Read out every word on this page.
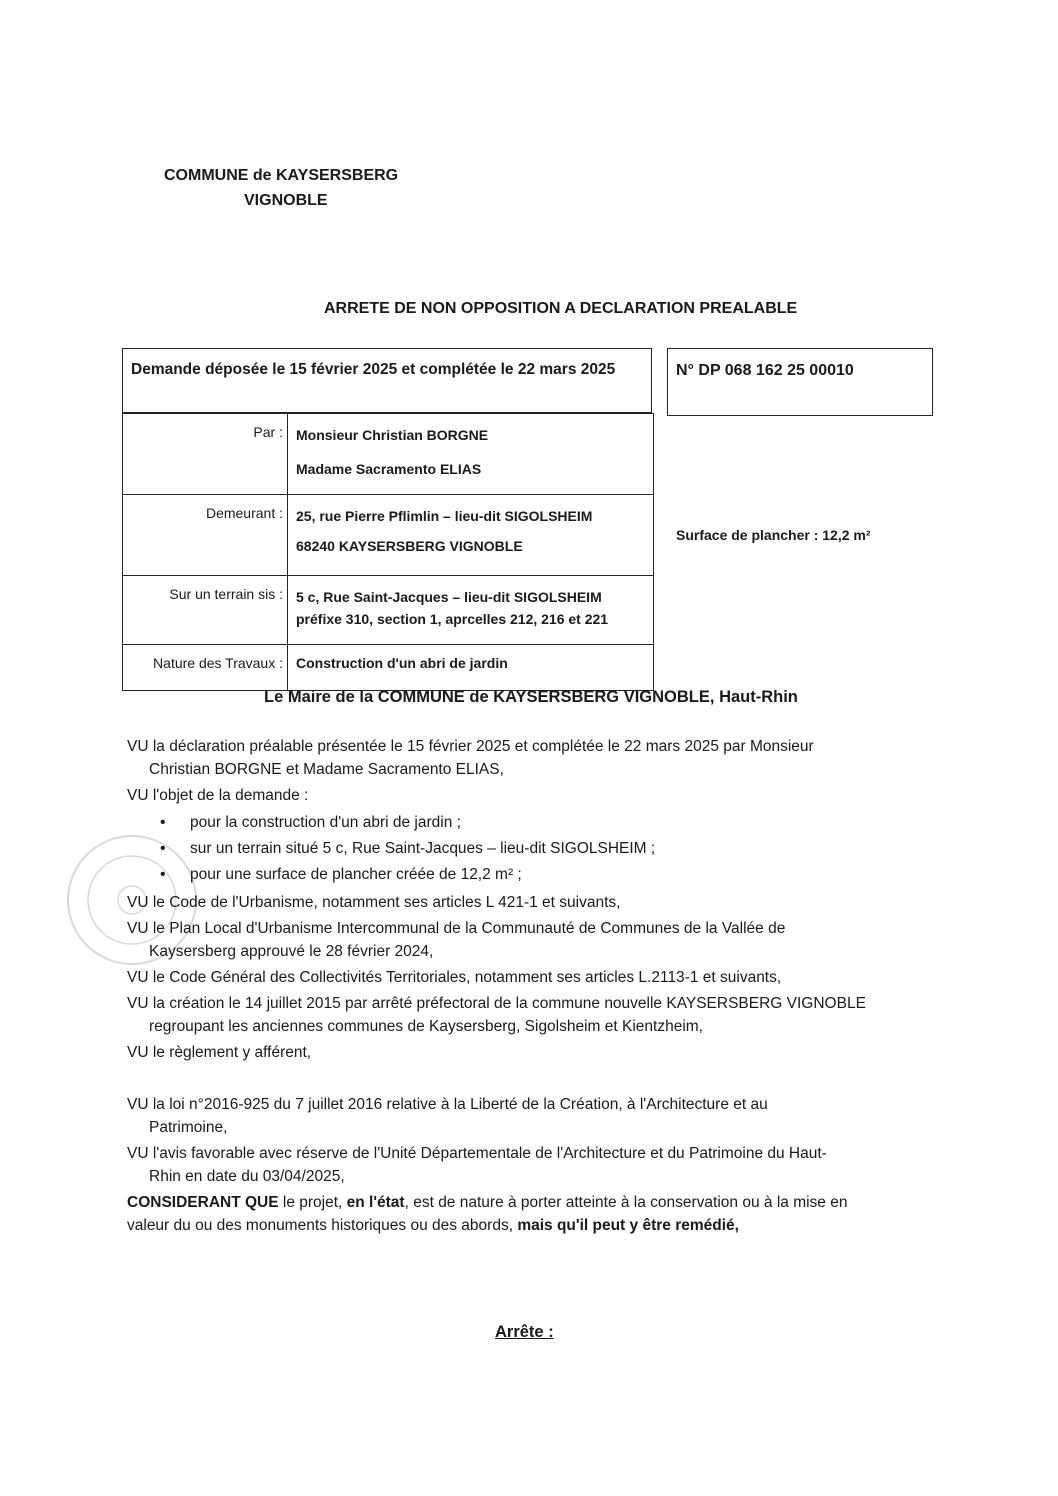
COMMUNE de KAYSERSBERG
VIGNOBLE
ARRETE DE NON OPPOSITION A DECLARATION PREALABLE
Demande déposée le 15 février 2025 et complétée le 22 mars 2025	N° DP 068 162 25 00010
Par :	Monsieur Christian BORGNE
Madame Sacramento ELIAS

Demeurant :	25, rue Pierre Pflimlin – lieu-dit SIGOLSHEIM
68240 KAYSERSBERG VIGNOBLE

Sur un terrain sis :	5 c, Rue Saint-Jacques – lieu-dit SIGOLSHEIM
préfixe 310, section 1, aprcelles 212, 216 et 221

Nature des Travaux :	Construction d'un abri de jardin
Surface de plancher : 12,2 m²
Le Maire de la COMMUNE de KAYSERSBERG VIGNOBLE, Haut-Rhin
VU la déclaration préalable présentée le 15 février 2025 et complétée le 22 mars 2025 par Monsieur
Christian BORGNE et Madame Sacramento ELIAS,
VU l'objet de la demande :
• pour la construction d'un abri de jardin ;
• sur un terrain situé 5 c, Rue Saint-Jacques – lieu-dit SIGOLSHEIM ;
• pour une surface de plancher créée de 12,2 m² ;
VU le Code de l'Urbanisme, notamment ses articles L 421-1 et suivants,
VU le Plan Local d'Urbanisme Intercommunal de la Communauté de Communes de la Vallée de
Kaysersberg approuvé le 28 février 2024,
VU le Code Général des Collectivités Territoriales, notamment ses articles L.2113-1 et suivants,
VU la création le 14 juillet 2015 par arrêté préfectoral de la commune nouvelle KAYSERSBERG VIGNOBLE
regroupant les anciennes communes de Kaysersberg, Sigolsheim et Kientzheim,
VU le règlement y afférent,
VU la loi n°2016-925 du 7 juillet 2016 relative à la Liberté de la Création, à l'Architecture et au
Patrimoine,
VU l'avis favorable avec réserve de l'Unité Départementale de l'Architecture et du Patrimoine du Haut-
Rhin en date du 03/04/2025,
CONSIDERANT QUE le projet, en l'état, est de nature à porter atteinte à la conservation ou à la mise en
valeur du ou des monuments historiques ou des abords, mais qu'il peut y être remédié,
Arrête :
